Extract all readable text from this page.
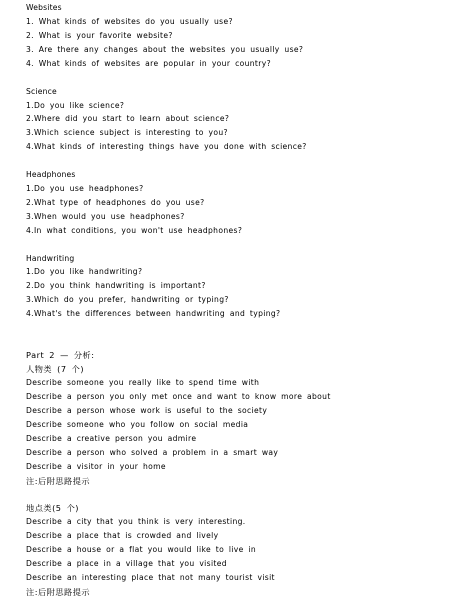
Websites
1. What kinds of websites do you usually use?
2. What is your favorite website?
3. Are there any changes about the websites you usually use?
4. What kinds of websites are popular in your country?
Science
1.Do you like science?
2.Where did you start to learn about science?
3.Which science subject is interesting to you?
4.What kinds of interesting things have you done with science?
Headphones
1.Do you use headphones?
2.What type of headphones do you use?
3.When would you use headphones?
4.In what conditions, you won't use headphones?
Handwriting
1.Do you like handwriting?
2.Do you think handwriting is important?
3.Which do you prefer, handwriting or typing?
4.What's the differences between handwriting and typing?
Part 2 — 分析:
人物类 (7 个)
Describe someone you really like to spend time with
Describe a person you only met once and want to know more about
Describe a person whose work is useful to the society
Describe someone who you follow on social media
Describe a creative person you admire
Describe a person who solved a problem in a smart way
Describe a visitor in your home
注:后附思路提示
地点类(5 个)
Describe a city that you think is very interesting.
Describe a place that is crowded and lively
Describe a house or a flat you would like to live in
Describe a place in a village that you visited
Describe an interesting place that not many tourist visit
注:后附思路提示
